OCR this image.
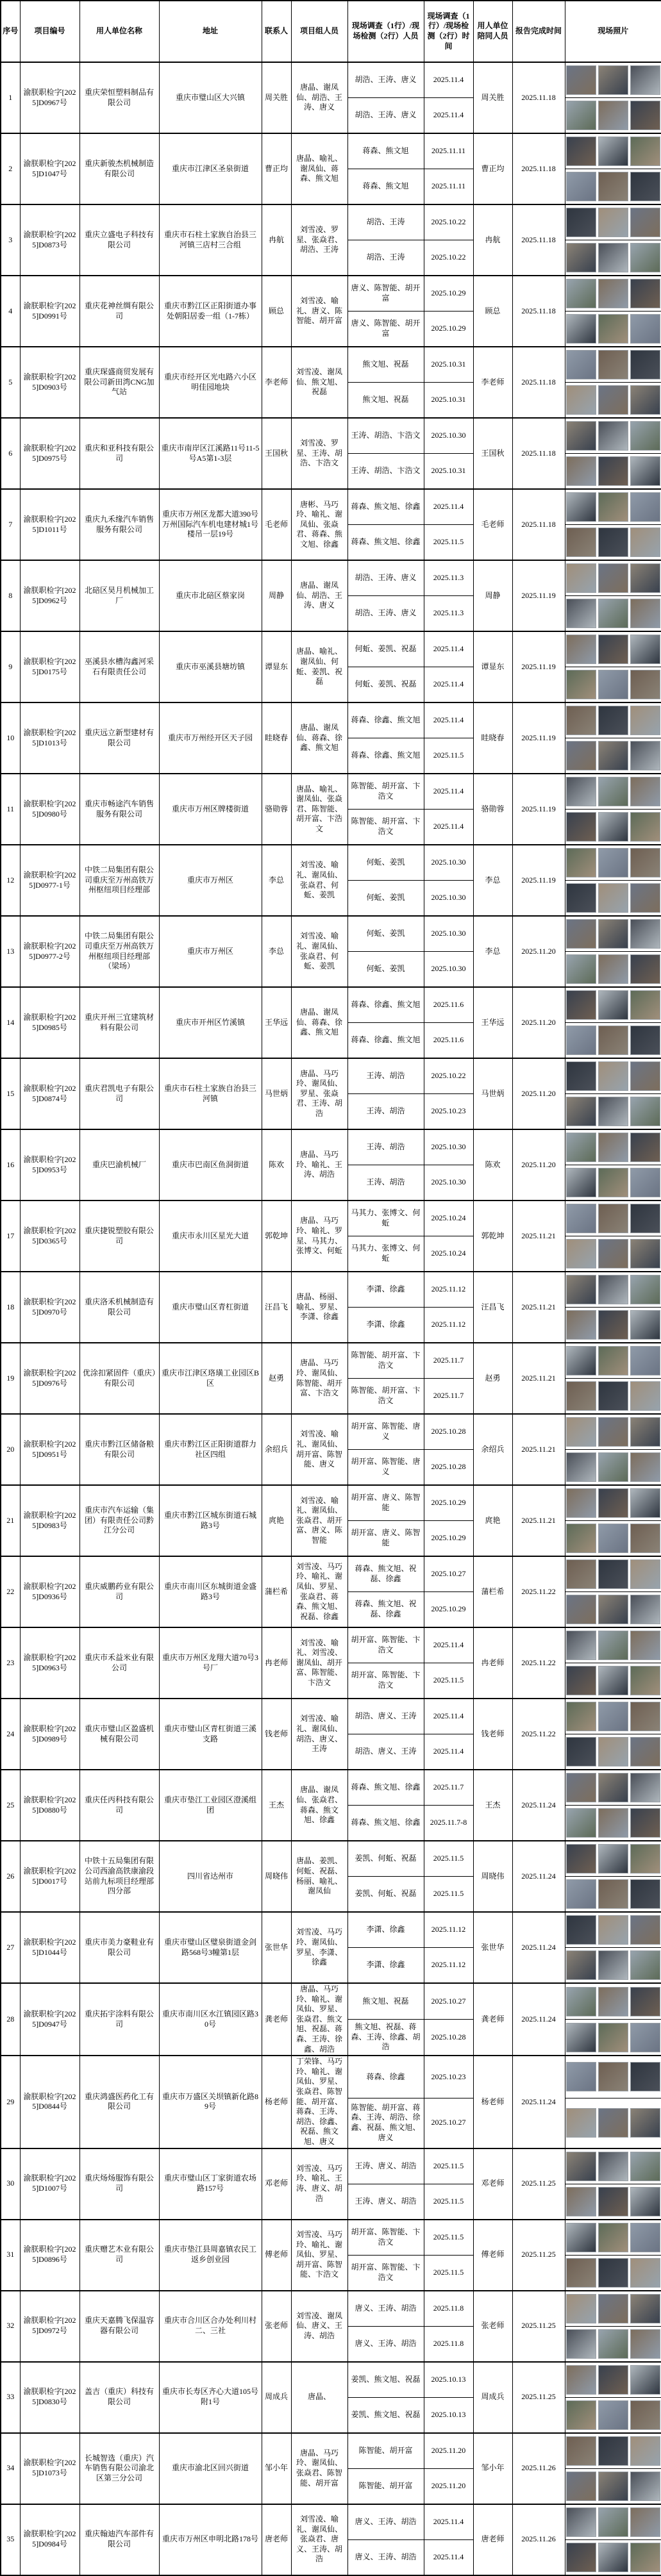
序号	项目编号	用人单位名称	地址	联系人	项目组人员	现场调查（1行）/现场检测（2行）人员	现场调查（1行）/现场检测（2行）时间	用人单位陪同人员	报告完成时间	现场照片
1	渝朕职检字[2025]D0967号	重庆荣恒塑料制品有限公司	重庆市璧山区大兴镇	周关胜	唐晶、谢凤仙、胡浩、王涛、唐义	胡浩、王涛、唐义	2025.11.4	周关胜	2025.11.18	

						胡浩、王涛、唐义	2025.11.4			

2	渝朕职检字[2025]D1047号	重庆新骏杰机械制造有限公司	重庆市江津区圣泉街道	曹正均	唐晶、喻礼、谢凤仙、蒋森、熊文旭	蒋森、熊文旭	2025.11.11	曹正均	2025.11.18	

						蒋森、熊文旭	2025.11.11			

3	渝朕职检字[2025]D0873号	重庆立盛电子科技有限公司	重庆市石柱土家族自治县三河镇三店村三合组	冉航	刘雪凌、罗星、张焱君、胡浩、王涛	胡浩、王涛	2025.10.22	冉航	2025.11.18	

						胡浩、王涛	2025.10.22			

4	渝朕职检字[2025]D0991号	重庆花神丝绸有限公司	重庆市黔江区正阳街道办事处朝阳居委一组（1-7栋）	顾总	刘雪凌、喻礼、唐义、陈智能、胡开富	唐义、陈智能、胡开富	2025.10.29	顾总	2025.11.18	

						唐义、陈智能、胡开富	2025.10.29			

5	渝朕职检字[2025]D0903号	重庆琛盛商贸发展有限公司新田湾CNG加气站	重庆市经开区光电路六小区明佳园地块	李老师	刘雪凌、谢凤仙、熊文旭、祝磊	熊文旭、祝磊	2025.10.31	李老师	2025.11.18	

						熊文旭、祝磊	2025.10.31			

6	渝朕职检字[2025]D0975号	重庆和亚科技有限公司	重庆市南岸区江溪路11号11-5号A5第1-3层	王国秋	刘雪凌、罗星、王涛、胡浩、卞浩文	王涛、胡浩、卞浩文	2025.10.30	王国秋	2025.11.18	

						王涛、胡浩、卞浩文	2025.10.31			

7	渝朕职检字[2025]D1011号	重庆九禾缘汽车销售服务有限公司	重庆市万州区龙都大道390号万州国际汽车机电建材城1号楼吊一层19号	毛老师	唐彬、马巧玲、喻礼、谢凤仙、张焱君、蒋森、熊文旭、徐鑫	蒋森、熊文旭、徐鑫	2025.11.4	毛老师	2025.11.18	

						蒋森、熊文旭、徐鑫	2025.11.5			

8	渝朕职检字[2025]D0962号	北碚区昊月机械加工厂	重庆市北碚区蔡家岗	周静	唐晶、谢凤仙、胡浩、王涛、唐义	胡浩、王涛、唐义	2025.11.3	周静	2025.11.19	

						胡浩、王涛、唐义	2025.11.3			

9	渝朕职检字[2025]D0175号	巫溪县水槽沟鑫河采石有限责任公司	重庆市巫溪县塘坊镇	谭显东	唐晶、喻礼、谢凤仙、何蚯、姜凯、祝磊	何蚯、姜凯、祝磊	2025.11.4	谭显东	2025.11.19	

						何蚯、姜凯、祝磊	2025.11.4			

10	渝朕职检字[2025]D1013号	重庆远立新型建材有限公司	重庆市万州经开区天子园	眭晓春	唐晶、谢凤仙、蒋森、徐鑫、熊文旭	蒋森、徐鑫、熊文旭	2025.11.4	眭晓春	2025.11.19	

						蒋森、徐鑫、熊文旭	2025.11.5			

11	渝朕职检字[2025]D0980号	重庆市畅途汽车销售服务有限公司	重庆市万州区牌楼街道	骆勋蓉	唐晶、喻礼、谢凤仙、张焱君、陈智能、胡开富、卞浩文	陈智能、胡开富、卞浩文	2025.11.4	骆勋蓉	2025.11.19	

						陈智能、胡开富、卞浩文	2025.11.4			

12	渝朕职检字[2025]D0977-1号	中铁二局集团有限公司重庆至万州高铁万州枢纽项目经理部	重庆市万州区	李总	刘雪凌、喻礼、谢凤仙、张焱君、何蚯、姜凯	何蚯、姜凯	2025.10.30	李总	2025.11.19	

						何蚯、姜凯	2025.10.30			

13	渝朕职检字[2025]D0977-2号	中铁二局集团有限公司重庆至万州高铁万州枢纽项目经理部（梁场）	重庆市万州区	李总	刘雪凌、喻礼、谢凤仙、张焱君、何蚯、姜凯	何蚯、姜凯	2025.10.30	李总	2025.11.20	

						何蚯、姜凯	2025.10.30			

14	渝朕职检字[2025]D0985号	重庆开州三宜建筑材料有限公司	重庆市开州区竹溪镇	王华远	唐晶、谢凤仙、蒋森、徐鑫、熊文旭	蒋森、徐鑫、熊文旭	2025.11.6	王华远	2025.11.20	

						蒋森、徐鑫、熊文旭	2025.11.6			

15	渝朕职检字[2025]D0874号	重庆君凯电子有限公司	重庆市石柱土家族自治县三河镇	马世炳	唐晶、马巧玲、谢凤仙、罗星、张焱君、王涛、胡浩	王涛、胡浩	2025.10.22	马世炳	2025.11.20	

						王涛、胡浩	2025.10.23			

16	渝朕职检字[2025]D0953号	重庆巴渝机械厂	重庆市巴南区鱼洞街道	陈欢	唐晶、马巧玲、喻礼、王涛、胡浩	王涛、胡浩	2025.10.30	陈欢	2025.11.20	

						王涛、胡浩	2025.10.30			

17	渝朕职检字[2025]D0365号	重庆捷锐塑胶有限公司	重庆市永川区星光大道	郭乾坤	唐晶、马巧玲、喻礼、罗星、马其力、张博文、何蚯	马其力、张博文、何蚯	2025.10.24	郭乾坤	2025.11.21	

						马其力、张博文、何蚯	2025.10.24			

18	渝朕职检字[2025]D0970号	重庆洛禾机械制造有限公司	重庆市璧山区青杠街道	汪昌飞	唐晶、杨丽、喻礼、罗星、李潇、徐鑫	李潇、徐鑫	2025.11.12	汪昌飞	2025.11.21	

						李潇、徐鑫	2025.11.12			

19	渝朕职检字[2025]D0976号	优涂扣紧固件（重庆）有限公司	重庆市江津区珞璜工业园区B区	赵勇	唐晶、马巧玲、谢凤仙、陈智能、胡开富、卞浩文	陈智能、胡开富、卞浩文	2025.11.7	赵勇	2025.11.21	

						陈智能、胡开富、卞浩文	2025.11.7			

20	渝朕职检字[2025]D0951号	重庆市黔江区储备粮有限公司	重庆市黔江区正阳街道群力社区四组	余绍兵	刘雪凌、喻礼、谢凤仙、胡开富、陈智能、唐义	胡开富、陈智能、唐义	2025.10.28	余绍兵	2025.11.21	

						胡开富、陈智能、唐义	2025.10.28			

21	渝朕职检字[2025]D0983号	重庆市汽车运输（集团）有限责任公司黔江分公司	重庆市黔江区城东街道石城路3号	庹艳	刘雪凌、喻礼、谢凤仙、张焱君、胡开富、唐义、陈智能	胡开富、唐义、陈智能	2025.10.29	庹艳	2025.11.21	

						胡开富、唐义、陈智能	2025.10.29			

22	渝朕职检字[2025]D0936号	重庆威鹏药业有限公司	重庆市南川区东城街道金盛路3号	蒲栏希	刘雪凌、马巧玲、喻礼、谢凤仙、罗星、张焱君、蒋森、熊文旭、祝磊、徐鑫	蒋森、熊文旭、祝磊、徐鑫	2025.10.27	蒲栏希	2025.11.22	

						蒋森、熊文旭、祝磊、徐鑫	2025.10.29			

23	渝朕职检字[2025]D0963号	重庆市禾益米业有限公司	重庆市万州区龙翔大道70号3号厂	冉老师	刘雪凌、喻礼、刘雪凌、谢凤仙、胡开富、陈智能、卞浩文	胡开富、陈智能、卞浩文	2025.11.4	冉老师	2025.11.22	

						胡开富、陈智能、卞浩文	2025.11.5			

24	渝朕职检字[2025]D0989号	重庆市璧山区盈盛机械有限公司	重庆市璧山区青杠街道三溪支路	钱老师	刘雪凌、喻礼、谢凤仙、胡浩、唐义、王涛	胡浩、唐义、王涛	2025.11.4	钱老师	2025.11.22	

						胡浩、唐义、王涛	2025.11.4			

25	渝朕职检字[2025]D0880号	重庆任丙科技有限公司	重庆市垫江工业园区澄溪组团	王杰	唐晶、谢凤仙、张焱君、蒋森、熊文旭、徐鑫	蒋森、熊文旭、徐鑫	2025.11.7	王杰	2025.11.24	

						蒋森、熊文旭、徐鑫	2025.11.7-8			

26	渝朕职检字[2025]D0017号	中铁十五局集团有限公司西渝高铁康渝段站前九标项目经理部四分部	四川省达州市	周晓伟	唐晶、姜凯、何蚯、祝磊、杨丽、喻礼、谢凤仙	姜凯、何蚯、祝磊	2025.11.5	周晓伟	2025.11.24	

						姜凯、何蚯、祝磊	2025.11.5			

27	渝朕职检字[2025]D1044号	重庆市美力豪鞋业有限公司	重庆市璧山区璧泉街道金剑路568号3幢第1层	张世华	刘雪凌、马巧玲、谢凤仙、罗星、李潇、徐鑫	李潇、徐鑫	2025.11.12	张世华	2025.11.24	

						李潇、徐鑫	2025.11.12			

28	渝朕职检字[2025]D0947号	重庆拓宇涂料有限公司	重庆市南川区水江镇园区路30号	龚老师	唐晶、马巧玲、喻礼、谢凤仙、罗星、张焱君、熊文旭、祝磊、蒋森、王涛、徐鑫、胡浩	熊文旭、祝磊	2025.10.27	龚老师	2025.11.24	

						熊文旭、祝磊、蒋森、王涛、徐鑫、胡浩	2025.10.28			

29	渝朕职检字[2025]D0844号	重庆鸿盛医药化工有限公司	重庆市万盛区关坝镇新化路89号	杨老师	丁荣锋、马巧玲、喻礼、谢凤仙、罗星、张焱君、陈智能、胡开富、蒋森、王涛、胡浩、徐鑫、祝磊、熊文旭、唐义	蒋森、徐鑫	2025.10.23	杨老师	2025.11.24	

						陈智能、胡开富、蒋森、王涛、胡浩、徐鑫、祝磊、熊文旭、唐义	2025.10.27			

30	渝朕职检字[2025]D1007号	重庆炀炀服饰有限公司	重庆市璧山区丁家街道农场路157号	邓老师	刘雪凌、马巧玲、喻礼、王涛、唐义、胡浩	王涛、唐义、胡浩	2025.11.5	邓老师	2025.11.25	

						王涛、唐义、胡浩	2025.11.5			

31	渝朕职检字[2025]D0896号	重庆赠艺木业有限公司	重庆市垫江县周嘉镇农民工返乡创业园	傅老师	刘雪凌、马巧玲、喻礼、谢凤仙、罗星、胡开富、陈智能、卞浩文	胡开富、陈智能、卞浩文	2025.11.5	傅老师	2025.11.25	

						胡开富、陈智能、卞浩文	2025.11.5			

32	渝朕职检字[2025]D0972号	重庆天嘉腾飞保温容器有限公司	重庆市合川区合办处利川村二、三社	张老师	刘雪凌、谢凤仙、唐义、王涛、胡浩	唐义、王涛、胡浩	2025.11.8	张老师	2025.11.25	

						唐义、王涛、胡浩	2025.11.8			

33	渝朕职检字[2025]D0830号	盖吉（重庆）科技有限公司	重庆市长寿区齐心大道105号附1号	周成兵	唐晶、	姜凯、熊文旭、祝磊	2025.10.13	周成兵	2025.11.25	

						姜凯、熊文旭、祝磊	2025.10.13			

34	渝朕职检字[2025]D1073号	长城智选（重庆）汽车销售有限公司渝北区第三分公司	重庆市渝北区回兴街道	邹小年	唐晶、马巧玲、谢凤仙、张焱君、陈智能、胡开富	陈智能、胡开富	2025.11.20	邹小年	2025.11.26	

						陈智能、胡开富	2025.11.20			

35	渝朕职检字[2025]D0984号	重庆翰迪汽车部件有限公司	重庆市万州区申明北路178号	唐老师	刘雪凌、喻礼、谢凤仙、张焱君、唐义、王涛、胡浩	唐义、王涛、胡浩	2025.11.4	唐老师	2025.11.26	

						唐义、王涛、胡浩	2025.11.4			
